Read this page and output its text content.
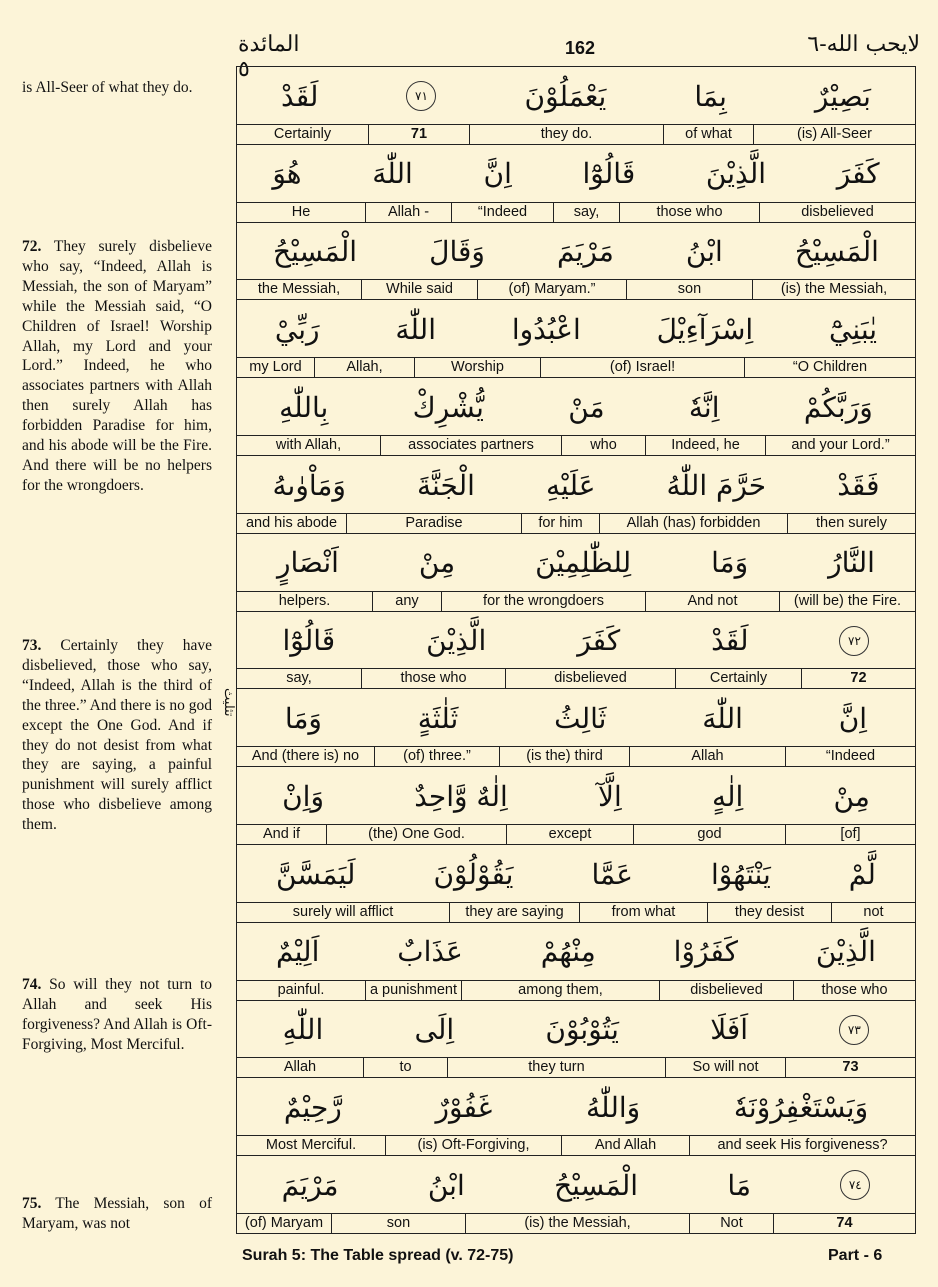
المائدة ٥
162	لايحب الله-٦
تثليث
is All-Seer of what they do.
72. They surely disbelieve who say, “Indeed, Allah is Messiah, the son of Maryam” while the Messiah said, “O Children of Israel! Worship Allah, my Lord and your Lord.” Indeed, he who associates partners with Allah then surely Allah has forbidden Paradise for him, and his abode will be the Fire. And there will be no helpers for the wrongdoers.
73. Certainly they have disbelieved, those who say, “Indeed, Allah is the third of the three.” And there is no god except the One God. And if they do not desist from what they are saying, a painful punishment will surely afflict those who disbelieve among them.
74. So will they not turn to Allah and seek His forgiveness? And Allah is Oft-Forgiving, Most Merciful.
75. The Messiah, son of Maryam, was not
بَصِيْرٌ
بِمَا
يَعْمَلُوْنَ
٧١
لَقَدْ
(is) All-Seer
of what
they do.
71
Certainly
كَفَرَ
الَّذِيْنَ
قَالُوْٓا
اِنَّ
اللّٰهَ
هُوَ
disbelieved
those who
say,
“Indeed
Allah -
He
الْمَسِيْحُ
ابْنُ
مَرْيَمَ
وَقَالَ
الْمَسِيْحُ
(is) the Messiah,
son
(of) Maryam.”
While said
the Messiah,
يٰبَنِيْٓ
اِسْرَآءِيْلَ
اعْبُدُوا
اللّٰهَ
رَبِّيْ
“O Children
(of) Israel!
Worship
Allah,
my Lord
وَرَبَّكُمْ
اِنَّهٗ
مَنْ
يُّشْرِكْ
بِاللّٰهِ
and your Lord.”
Indeed, he
who
associates partners
with Allah,
فَقَدْ
حَرَّمَ اللّٰهُ
عَلَيْهِ
الْجَنَّةَ
وَمَاْوٰىهُ
then surely
Allah (has) forbidden
for him
Paradise
and his abode
النَّارُ
وَمَا
لِلظّٰلِمِيْنَ
مِنْ
اَنْصَارٍ
(will be) the Fire.
And not
for the wrongdoers
any
helpers.
٧٢
لَقَدْ
كَفَرَ
الَّذِيْنَ
قَالُوْٓا
72
Certainly
disbelieved
those who
say,
اِنَّ
اللّٰهَ
ثَالِثُ
ثَلٰثَةٍ
وَمَا
“Indeed
Allah
(is the) third
(of) three.”
And (there is) no
مِنْ
اِلٰهٍ
اِلَّآ
اِلٰهٌ وَّاحِدٌ
وَاِنْ
[of]
god
except
(the) One God.
And if
لَّمْ
يَنْتَهُوْا
عَمَّا
يَقُوْلُوْنَ
لَيَمَسَّنَّ
not
they desist
from what
they are saying
surely will afflict
الَّذِيْنَ
كَفَرُوْا
مِنْهُمْ
عَذَابٌ
اَلِيْمٌ
those who
disbelieved
among them,
a punishment
painful.
٧٣
اَفَلَا
يَتُوْبُوْنَ
اِلَى
اللّٰهِ
73
So will not
they turn
to
Allah
وَيَسْتَغْفِرُوْنَهٗ
وَاللّٰهُ
غَفُوْرٌ
رَّحِيْمٌ
and seek His forgiveness?
And Allah
(is) Oft-Forgiving,
Most Merciful.
٧٤
مَا
الْمَسِيْحُ
ابْنُ
مَرْيَمَ
74
Not
(is) the Messiah,
son
(of) Maryam
Surah 5: The Table spread (v. 72-75)	Part - 6
